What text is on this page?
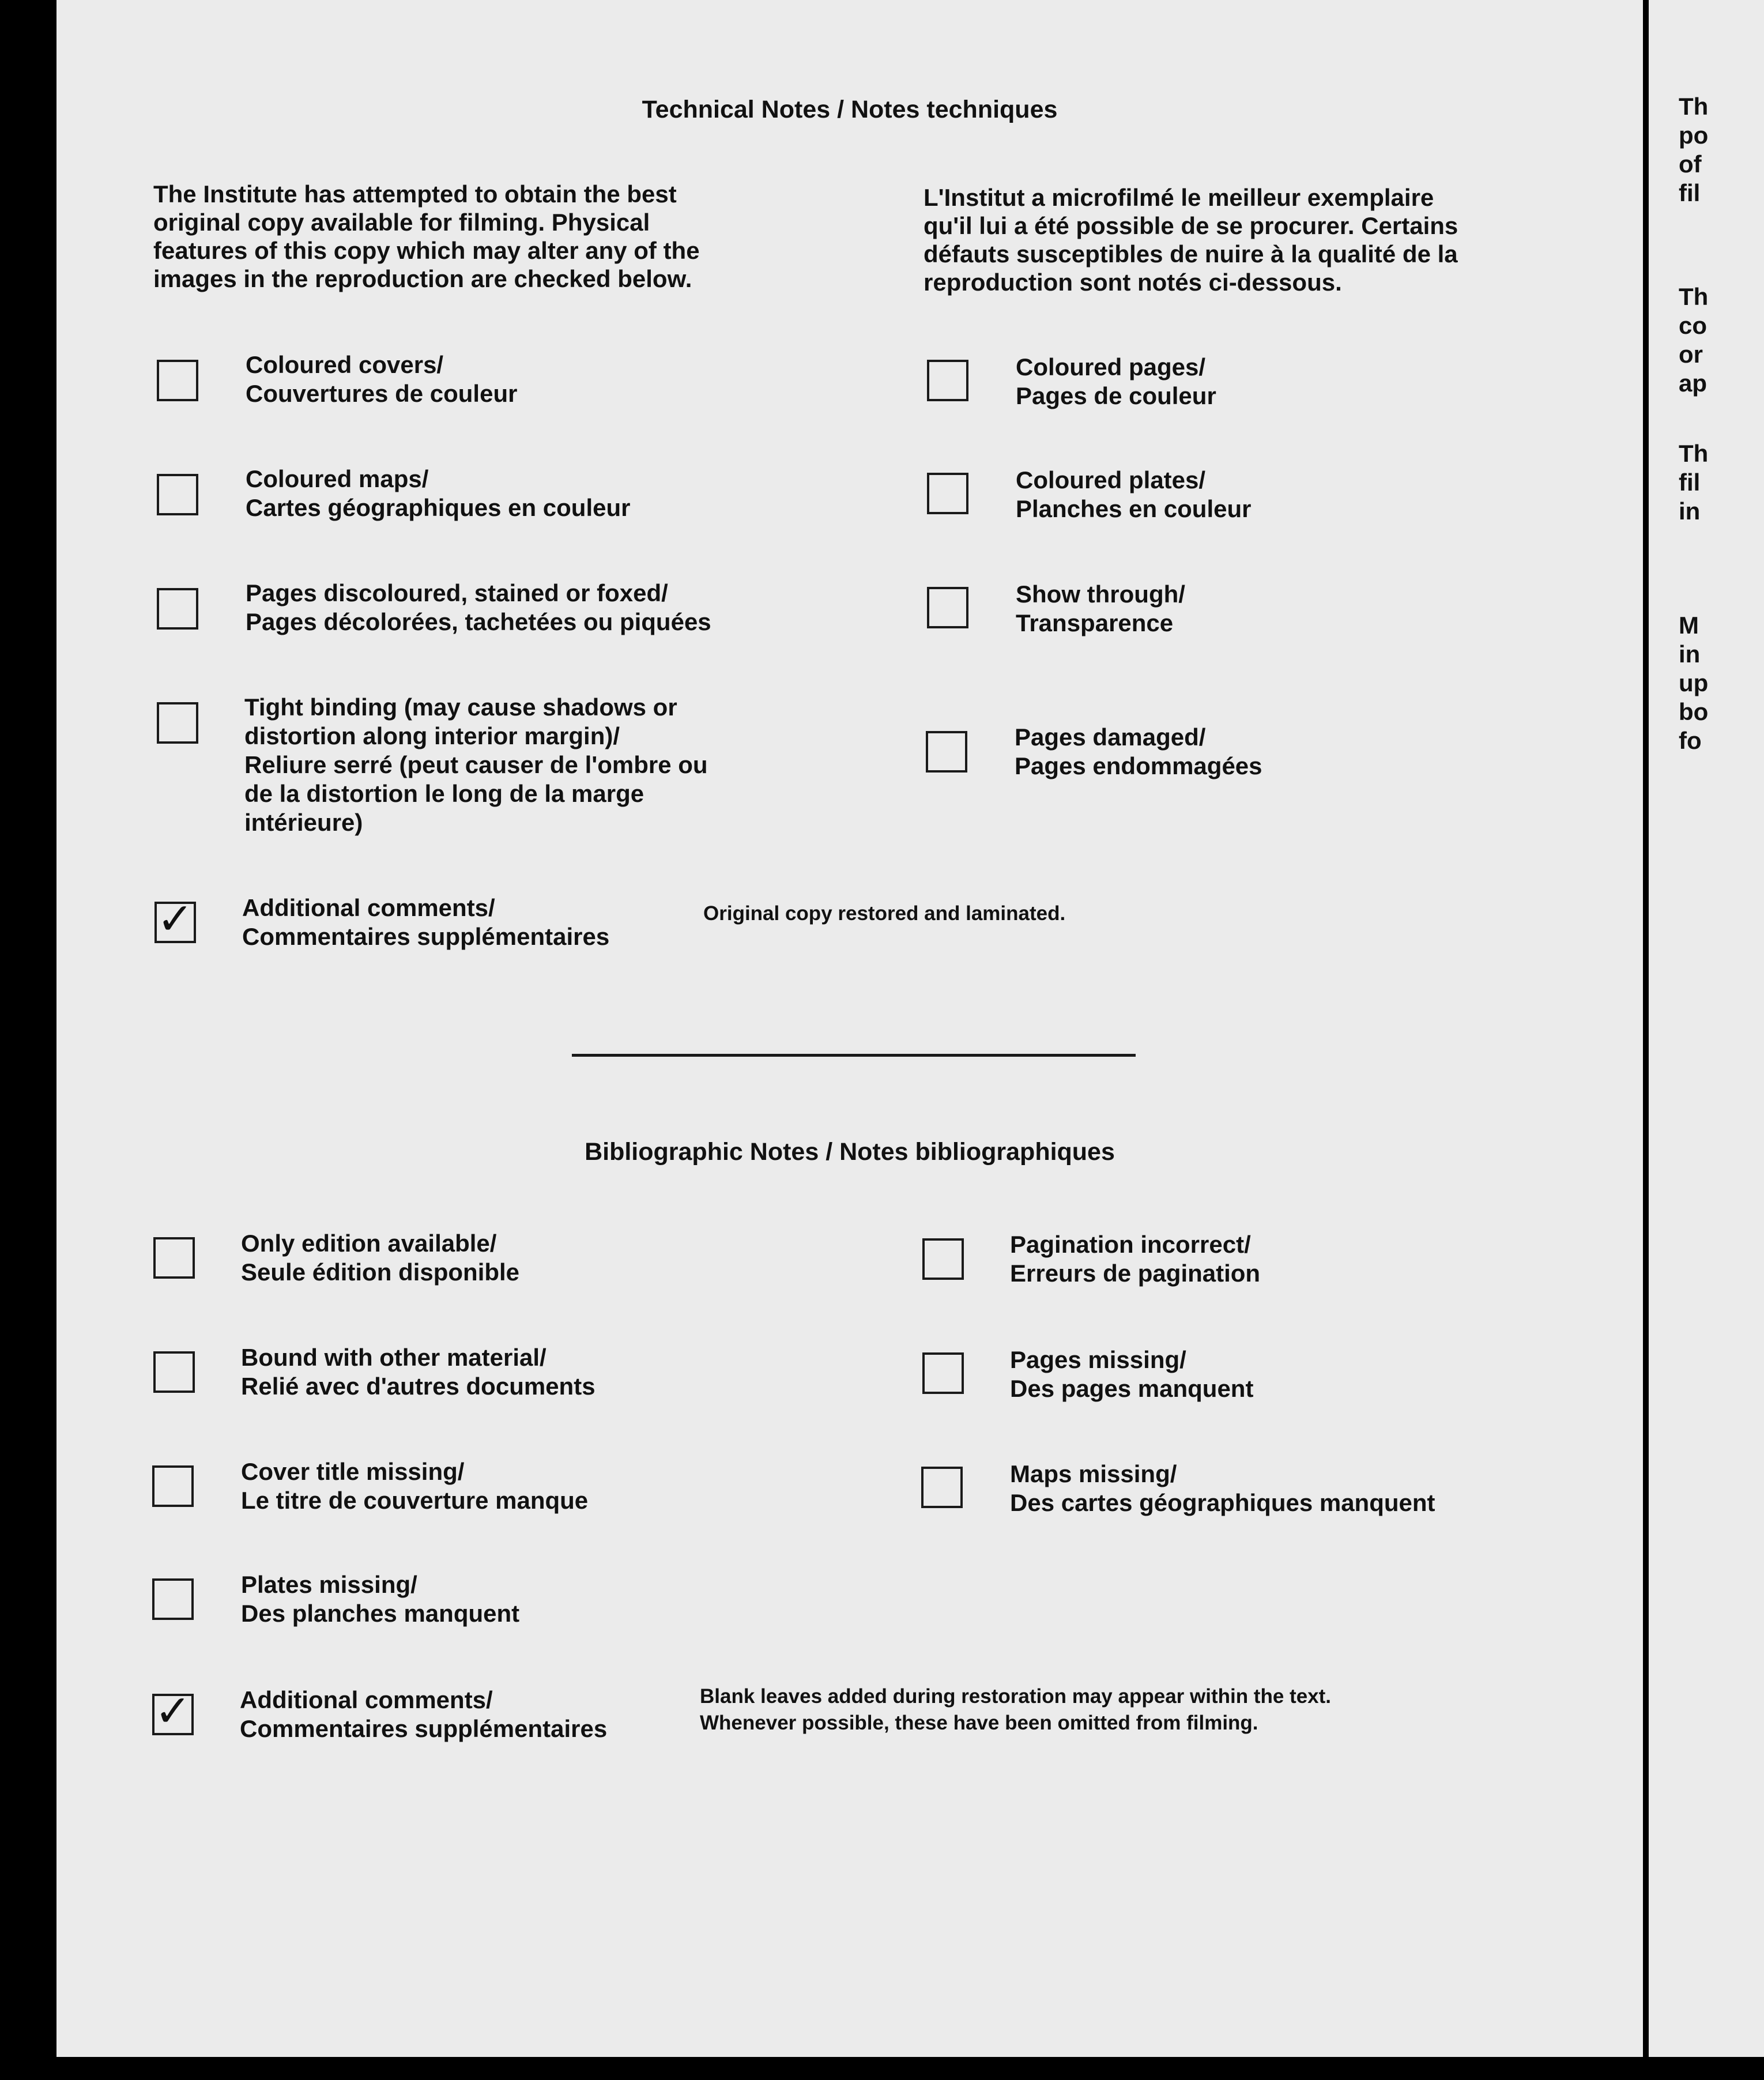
Technical Notes / Notes techniques
The Institute has attempted to obtain the best
original copy available for filming. Physical
features of this copy which may alter any of the
images in the reproduction are checked below.
L'Institut a microfilmé le meilleur exemplaire
qu'il lui a été possible de se procurer. Certains
défauts susceptibles de nuire à la qualité de la
reproduction sont notés ci-dessous.
Coloured covers/
Couvertures de couleur
Coloured pages/
Pages de couleur
Coloured maps/
Cartes géographiques en couleur
Coloured plates/
Planches en couleur
Pages discoloured, stained or foxed/
Pages décolorées, tachetées ou piquées
Show through/
Transparence
Tight binding (may cause shadows or
distortion along interior margin)/
Reliure serré (peut causer de l'ombre ou
de la distortion le long de la marge
intérieure)
Pages damaged/
Pages endommagées
✓ Additional comments/
Commentaires supplémentaires
Original copy restored and laminated.
Bibliographic Notes / Notes bibliographiques
Only edition available/
Seule édition disponible
Pagination incorrect/
Erreurs de pagination
Bound with other material/
Relié avec d'autres documents
Pages missing/
Des pages manquent
Cover title missing/
Le titre de couverture manque
Maps missing/
Des cartes géographiques manquent
Plates missing/
Des planches manquent
✓ Additional comments/
Commentaires supplémentaires
Blank leaves added during restoration may appear within the text.
Whenever possible, these have been omitted from filming.
Th
po
of
fil
Th
co
or
ap
Th
fil
in
M
in
up
bo
fo
